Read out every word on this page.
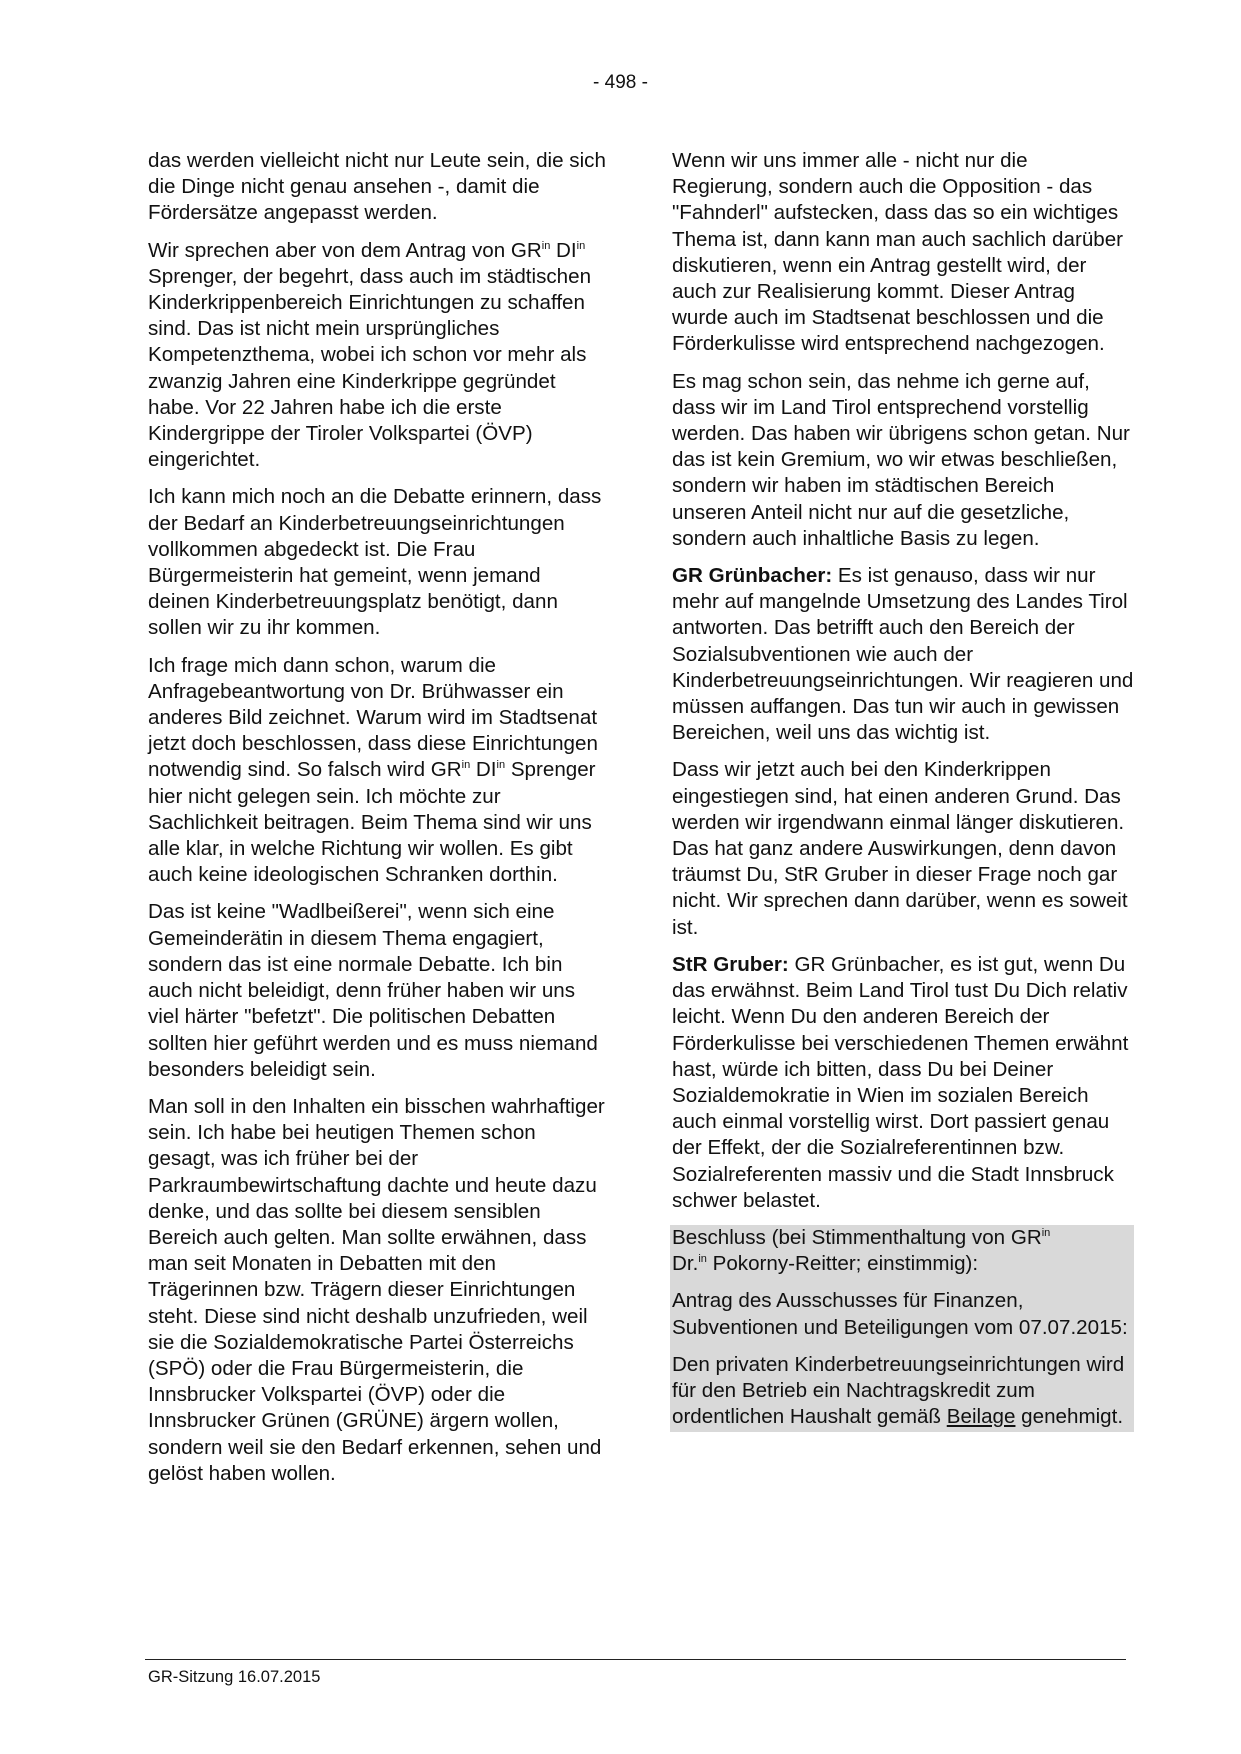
- 498 -

das werden vielleicht nicht nur Leute sein, die sich die Dinge nicht genau ansehen -, damit die Fördersätze angepasst werden.

Wir sprechen aber von dem Antrag von $GR^{in}$ $DI^{in}$ Sprenger, der begehrt, dass auch im städtischen Kinderkrippenbereich Einrichtungen zu schaffen sind. Das ist nicht mein ursprüngliches Kompetenzthema, wobei ich schon vor mehr als zwanzig Jahren eine Kinderkrippe gegründet habe. Vor 22 Jahren habe ich die erste Kindergrippe der Tiroler Volkspartei (ÖVP) eingerichtet.

Ich kann mich noch an die Debatte erinnern, dass der Bedarf an Kinderbetreuungseinrichtungen vollkommen abgedeckt ist. Die Frau Bürgermeisterin hat gemeint, wenn jemand deinen Kinderbetreuungsplatz benötigt, dann sollen wir zu ihr kommen.

Ich frage mich dann schon, warum die Anfragebeantwortung von Dr. Brühwasser ein anderes Bild zeichnet. Warum wird im Stadtsenat jetzt doch beschlossen, dass diese Einrichtungen notwendig sind. So falsch wird $GR^{in}$ $DI^{in}$ Sprenger hier nicht gelegen sein. Ich möchte zur Sachlichkeit beitragen. Beim Thema sind wir uns alle klar, in welche Richtung wir wollen. Es gibt auch keine ideologischen Schranken dorthin.

Das ist keine "Wadlbeißerei", wenn sich eine Gemeinderätin in diesem Thema engagiert, sondern das ist eine normale Debatte. Ich bin auch nicht beleidigt, denn früher haben wir uns viel härter "befetzt". Die politischen Debatten sollten hier geführt werden und es muss niemand besonders beleidigt sein.

Man soll in den Inhalten ein bisschen wahrhaftiger sein. Ich habe bei heutigen Themen schon gesagt, was ich früher bei der Parkraumbewirtschaftung dachte und heute dazu denke, und das sollte bei diesem sensiblen Bereich auch gelten. Man sollte erwähnen, dass man seit Monaten in Debatten mit den Trägerinnen bzw. Trägern dieser Einrichtungen steht. Diese sind nicht deshalb unzufrieden, weil sie die Sozialdemokratische Partei Österreichs (SPÖ) oder die Frau Bürgermeisterin, die Innsbrucker Volkspartei (ÖVP) oder die Innsbrucker Grünen (GRÜNE) ärgern wollen, sondern weil sie den Bedarf erkennen, sehen und gelöst haben wollen.

Wenn wir uns immer alle - nicht nur die Regierung, sondern auch die Opposition - das "Fahnderl" aufstecken, dass das so ein wichtiges Thema ist, dann kann man auch sachlich darüber diskutieren, wenn ein Antrag gestellt wird, der auch zur Realisierung kommt. Dieser Antrag wurde auch im Stadtsenat beschlossen und die Förderkulisse wird entsprechend nachgezogen.

Es mag schon sein, das nehme ich gerne auf, dass wir im Land Tirol entsprechend vorstellig werden. Das haben wir übrigens schon getan. Nur das ist kein Gremium, wo wir etwas beschließen, sondern wir haben im städtischen Bereich unseren Anteil nicht nur auf die gesetzliche, sondern auch inhaltliche Basis zu legen.

GR Grünbacher: Es ist genauso, dass wir nur mehr auf mangelnde Umsetzung des Landes Tirol antworten. Das betrifft auch den Bereich der Sozialsubventionen wie auch der Kinderbetreuungseinrichtungen. Wir reagieren und müssen auffangen. Das tun wir auch in gewissen Bereichen, weil uns das wichtig ist.

Dass wir jetzt auch bei den Kinderkrippen eingestiegen sind, hat einen anderen Grund. Das werden wir irgendwann einmal länger diskutieren. Das hat ganz andere Auswirkungen, denn davon träumst Du, StR Gruber in dieser Frage noch gar nicht. Wir sprechen dann darüber, wenn es soweit ist.

StR Gruber: GR Grünbacher, es ist gut, wenn Du das erwähnst. Beim Land Tirol tust Du Dich relativ leicht. Wenn Du den anderen Bereich der Förderkulisse bei verschiedenen Themen erwähnt hast, würde ich bitten, dass Du bei Deiner Sozialdemokratie in Wien im sozialen Bereich auch einmal vorstellig wirst. Dort passiert genau der Effekt, der die Sozialreferentinnen bzw. Sozialreferenten massiv und die Stadt Innsbruck schwer belastet.

Beschluss (bei Stimmenthaltung von $GR^{in}$
Dr.$^{in}$ Pokorny-Reitter; einstimmig):

Antrag des Ausschusses für Finanzen, Subventionen und Beteiligungen vom 07.07.2015:

Den privaten Kinderbetreuungseinrichtungen wird für den Betrieb ein Nachtragskredit zum ordentlichen Haushalt gemäß Beilage genehmigt.

GR-Sitzung 16.07.2015
